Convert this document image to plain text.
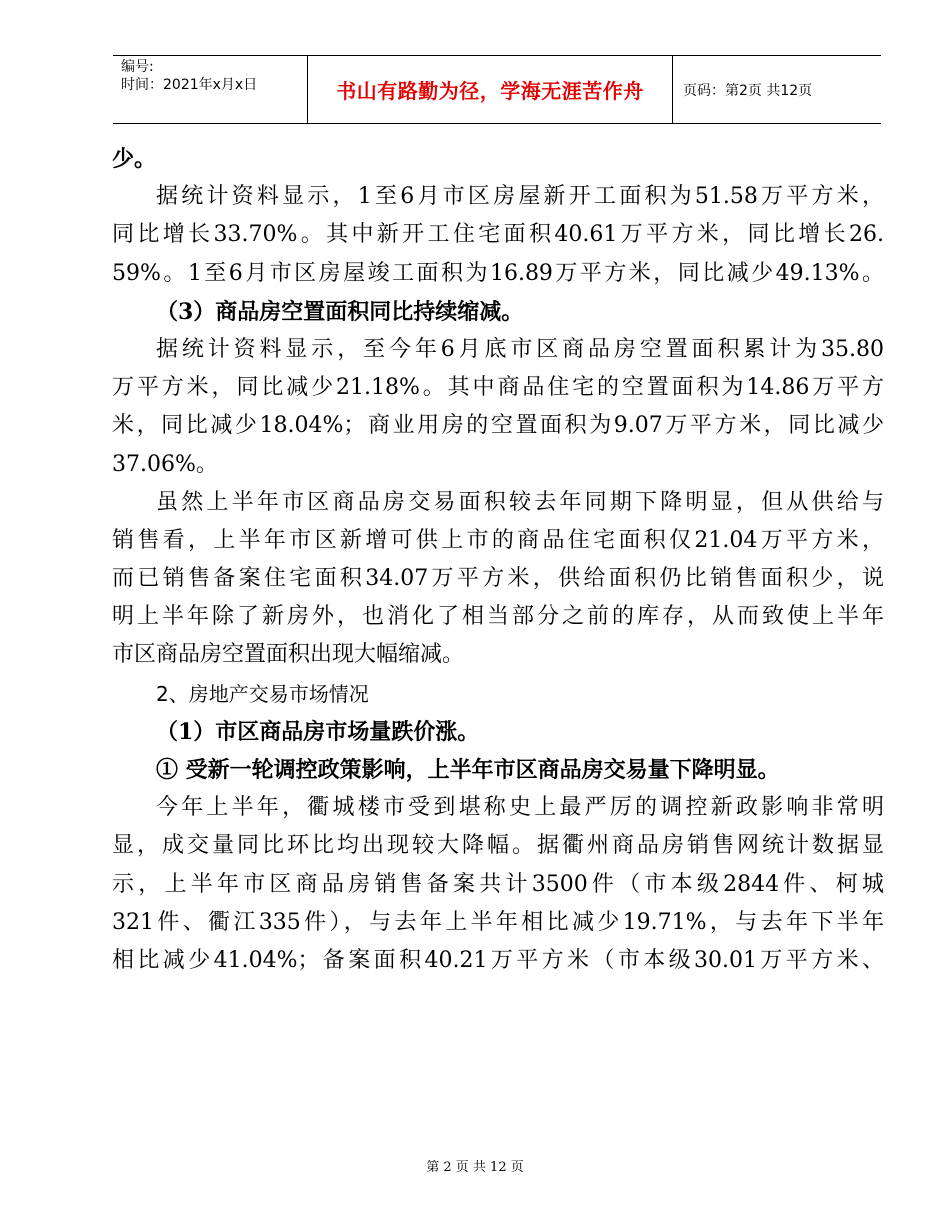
编号:
时间：2021年x月x日	书山有路勤为径，学海无涯苦作舟	页码：第2页 共12页
少。
据统计资料显示，1至6月市区房屋新开工面积为51.58万平方米，
同比增长33.70%。其中新开工住宅面积40.61万平方米，同比增长26.
59%。1至6月市区房屋竣工面积为16.89万平方米，同比减少49.13%。
（3）商品房空置面积同比持续缩减。
据统计资料显示，至今年6月底市区商品房空置面积累计为35.80
万平方米，同比减少21.18%。其中商品住宅的空置面积为14.86万平方
米，同比减少18.04%；商业用房的空置面积为9.07万平方米，同比减少
37.06%。
虽然上半年市区商品房交易面积较去年同期下降明显，但从供给与
销售看，上半年市区新增可供上市的商品住宅面积仅21.04万平方米，
而已销售备案住宅面积34.07万平方米，供给面积仍比销售面积少，说
明上半年除了新房外，也消化了相当部分之前的库存，从而致使上半年
市区商品房空置面积出现大幅缩减。
2、房地产交易市场情况
（1）市区商品房市场量跌价涨。
① 受新一轮调控政策影响，上半年市区商品房交易量下降明显。
今年上半年，衢城楼市受到堪称史上最严厉的调控新政影响非常明
显，成交量同比环比均出现较大降幅。据衢州商品房销售网统计数据显
示，上半年市区商品房销售备案共计3500件（市本级2844件、柯城
321件、衢江335件），与去年上半年相比减少19.71%，与去年下半年
相比减少41.04%；备案面积40.21万平方米（市本级30.01万平方米、
第 2 页 共 12 页
